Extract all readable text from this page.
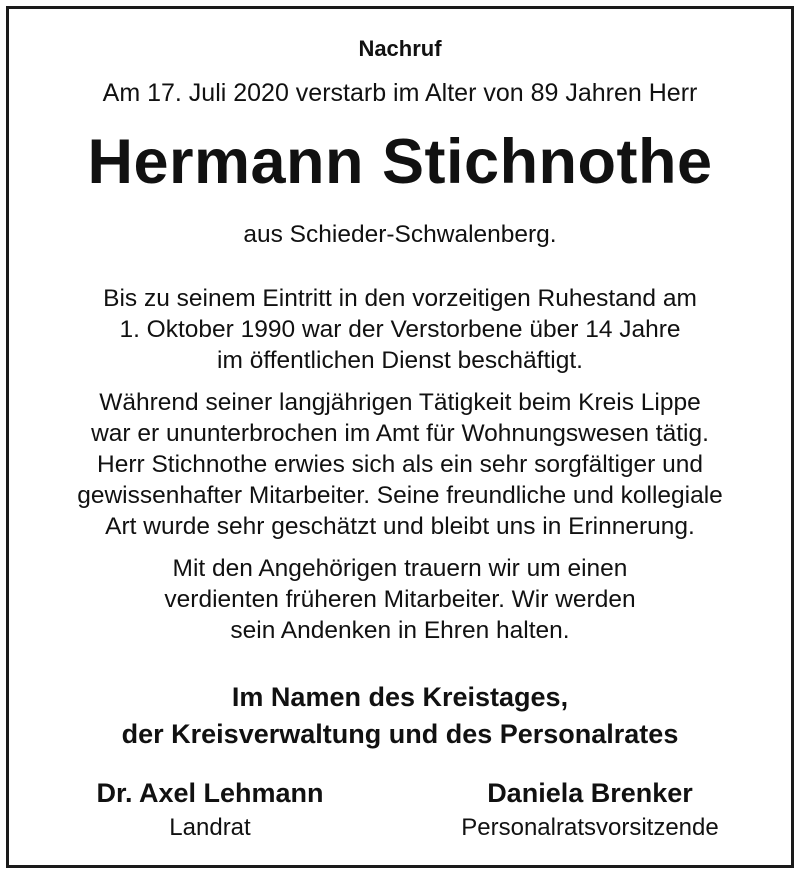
Nachruf
Am 17. Juli 2020 verstarb im Alter von 89 Jahren Herr
Hermann Stichnothe
aus Schieder-Schwalenberg.
Bis zu seinem Eintritt in den vorzeitigen Ruhestand am
1. Oktober 1990 war der Verstorbene über 14 Jahre
im öffentlichen Dienst beschäftigt.
Während seiner langjährigen Tätigkeit beim Kreis Lippe
war er ununterbrochen im Amt für Wohnungswesen tätig.
Herr Stichnothe erwies sich als ein sehr sorgfältiger und
gewissenhafter Mitarbeiter. Seine freundliche und kollegiale
Art wurde sehr geschätzt und bleibt uns in Erinnerung.
Mit den Angehörigen trauern wir um einen
verdienten früheren Mitarbeiter. Wir werden
sein Andenken in Ehren halten.
Im Namen des Kreistages,
der Kreisverwaltung und des Personalrates
Dr. Axel Lehmann
Landrat
Daniela Brenker
Personalratsvorsitzende
